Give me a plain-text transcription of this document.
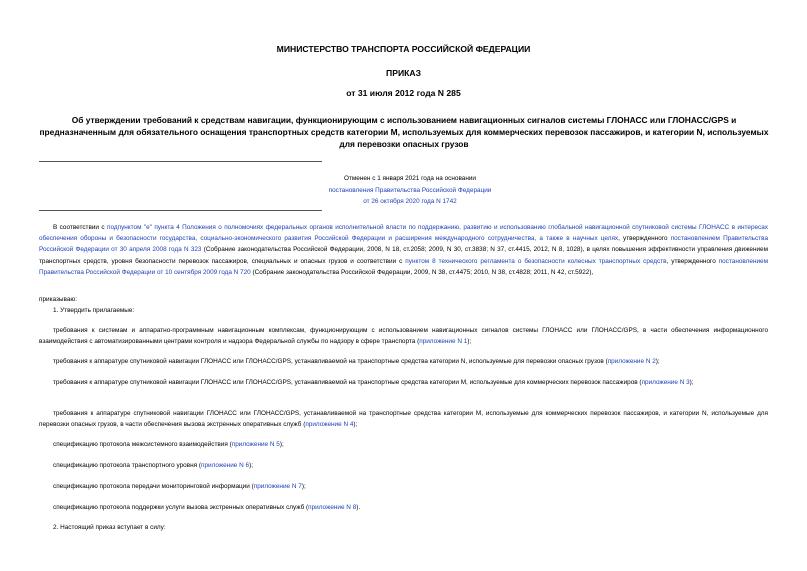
МИНИСТЕРСТВО ТРАНСПОРТА РОССИЙСКОЙ ФЕДЕРАЦИИ
ПРИКАЗ
от 31 июля 2012 года N 285
Об утверждении требований к средствам навигации, функционирующим с использованием навигационных сигналов системы ГЛОНАСС или ГЛОНАСС/GPS и предназначенным для обязательного оснащения транспортных средств категории M, используемых для коммерческих перевозок пассажиров, и категории N, используемых для перевозки опасных грузов
Отменен с 1 января 2021 года на основании
постановления Правительства Российской Федерации
от 26 октября 2020 года N 1742
В соответствии с подпунктом "е" пункта 4 Положения о полномочиях федеральных органов исполнительной власти по поддержанию, развитию и использованию глобальной навигационной спутниковой системы ГЛОНАСС в интересах обеспечения обороны и безопасности государства, социально-экономического развития Российской Федерации и расширения международного сотрудничества, а также в научных целях, утвержденного постановлением Правительства Российской Федерации от 30 апреля 2008 года N 323 (Собрание законодательства Российской Федерации, 2008, N 18, ст.2058; 2009, N 30, ст.3838; N 37, ст.4415, 2012, N 8, 1028), в целях повышения эффективности управления движением транспортных средств, уровня безопасности перевозок пассажиров, специальных и опасных грузов и соответствии с пунктом 8 технического регламента о безопасности колесных транспортных средств, утвержденного постановлением Правительства Российской Федерации от 10 сентября 2009 года N 720 (Собрание законодательства Российской Федерации, 2009, N 38, ст.4475; 2010, N 38, ст.4828; 2011, N 42, ст.5922),
приказываю:
1. Утвердить прилагаемые:
требования к системам и аппаратно-программным навигационным комплексам, функционирующим с использованием навигационных сигналов системы ГЛОНАСС или ГЛОНАСС/GPS, в части обеспечения информационного взаимодействия с автоматизированными центрами контроля и надзора Федеральной службы по надзору в сфере транспорта (приложение N 1);
требования к аппаратуре спутниковой навигации ГЛОНАСС или ГЛОНАСС/GPS, устанавливаемой на транспортные средства категории N, используемые для перевозки опасных грузов (приложение N 2);
требования к аппаратуре спутниковой навигации ГЛОНАСС или ГЛОНАСС/GPS, устанавливаемой на транспортные средства категории M, используемые для коммерческих перевозок пассажиров (приложение N 3);
требования к аппаратуре спутниковой навигации ГЛОНАСС или ГЛОНАСС/GPS, устанавливаемой на транспортные средства категории M, используемые для коммерческих перевозок пассажиров, и категории N, используемые для перевозки опасных грузов, в части обеспечения вызова экстренных оперативных служб (приложение N 4);
спецификацию протокола межсистемного взаимодействия (приложение N 5);
спецификацию протокола транспортного уровня (приложение N 6);
спецификацию протокола передачи мониторинговой информации (приложение N 7);
спецификацию протокола поддержки услуги вызова экстренных оперативных служб (приложение N 8).
2. Настоящий приказ вступает в силу:
